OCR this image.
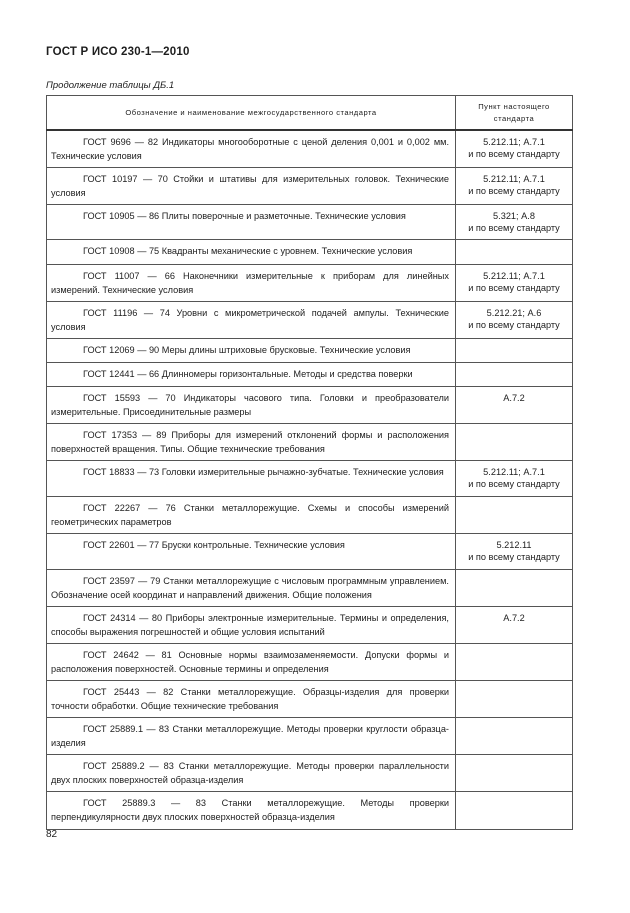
ГОСТ Р ИСО 230-1—2010
Продолжение таблицы ДБ.1
Обозначение и наименование межгосударственного стандарта	Пункт настоящего стандарта
ГОСТ 9696 — 82 Индикаторы многооборотные с ценой деления 0,001 и 0,002 мм. Технические условия	5.212.11; А.7.1
и по всему стандарту
ГОСТ 10197 — 70 Стойки и штативы для измерительных головок. Технические условия	5.212.11; А.7.1
и по всему стандарту
ГОСТ 10905 — 86 Плиты поверочные и разметочные. Технические условия	5.321; А.8
и по всему стандарту
ГОСТ 10908 — 75 Квадранты механические с уровнем. Технические условия	
ГОСТ 11007 — 66 Наконечники измерительные к приборам для линейных измерений. Технические условия	5.212.11; А.7.1
и по всему стандарту
ГОСТ 11196 — 74 Уровни с микрометрической подачей ампулы. Технические условия	5.212.21; А.6
и по всему стандарту
ГОСТ 12069 — 90 Меры длины штриховые брусковые. Технические условия	
ГОСТ 12441 — 66 Длинномеры горизонтальные. Методы и средства поверки	
ГОСТ 15593 — 70 Индикаторы часового типа. Головки и преобразователи измерительные. Присоединительные размеры	А.7.2
ГОСТ 17353 — 89 Приборы для измерений отклонений формы и расположения поверхностей вращения. Типы. Общие технические требования	
ГОСТ 18833 — 73 Головки измерительные рычажно-зубчатые. Технические условия	5.212.11; А.7.1
и по всему стандарту
ГОСТ 22267 — 76 Станки металлорежущие. Схемы и способы измерений геометрических параметров	
ГОСТ 22601 — 77 Бруски контрольные. Технические условия	5.212.11
и по всему стандарту
ГОСТ 23597 — 79 Станки металлорежущие с числовым программным управлением. Обозначение осей координат и направлений движения. Общие положения	
ГОСТ 24314 — 80 Приборы электронные измерительные. Термины и определения, способы выражения погрешностей и общие условия испытаний	А.7.2
ГОСТ 24642 — 81 Основные нормы взаимозаменяемости. Допуски формы и расположения поверхностей. Основные термины и определения	
ГОСТ 25443 — 82 Станки металлорежущие. Образцы-изделия для проверки точности обработки. Общие технические требования	
ГОСТ 25889.1 — 83 Станки металлорежущие. Методы проверки круглости образца-изделия	
ГОСТ 25889.2 — 83 Станки металлорежущие. Методы проверки параллельности двух плоских поверхностей образца-изделия	
ГОСТ 25889.3 — 83 Станки металлорежущие. Методы проверки перпендикулярности двух плоских поверхностей образца-изделия	
82
